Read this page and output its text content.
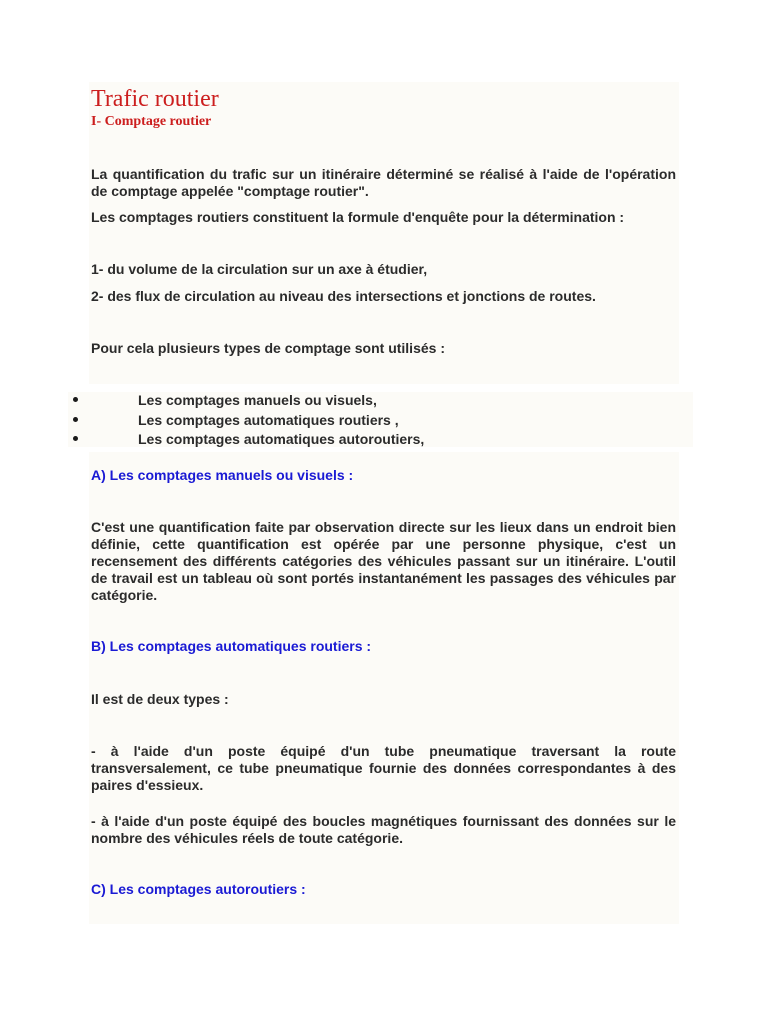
Trafic routier
I- Comptage routier

La quantification du trafic sur un itinéraire déterminé se réalisé à l'aide de l'opération de comptage appelée "comptage routier".

Les comptages routiers constituent la formule d'enquête pour la détermination :

1- du volume de la circulation sur un axe à étudier,

2- des flux de circulation au niveau des intersections et jonctions de routes.

Pour cela plusieurs types de comptage sont utilisés :

Les comptages manuels ou visuels,
Les comptages automatiques routiers ,
Les comptages automatiques autoroutiers,
A) Les comptages manuels ou visuels :

C'est une quantification faite par observation directe sur les lieux dans un endroit bien définie, cette quantification est opérée par une personne physique, c'est un recensement des différents catégories des véhicules passant sur un itinéraire. L'outil de travail est un tableau où sont portés instantanément les passages des véhicules par catégorie.

B) Les comptages automatiques routiers :

Il est de deux types :

- à l'aide d'un poste équipé d'un tube pneumatique traversant la route transversalement, ce tube pneumatique fournie des données correspondantes à des paires d'essieux.

- à l'aide d'un poste équipé des boucles magnétiques fournissant des données sur le nombre des véhicules réels de toute catégorie.

C) Les comptages autoroutiers :
